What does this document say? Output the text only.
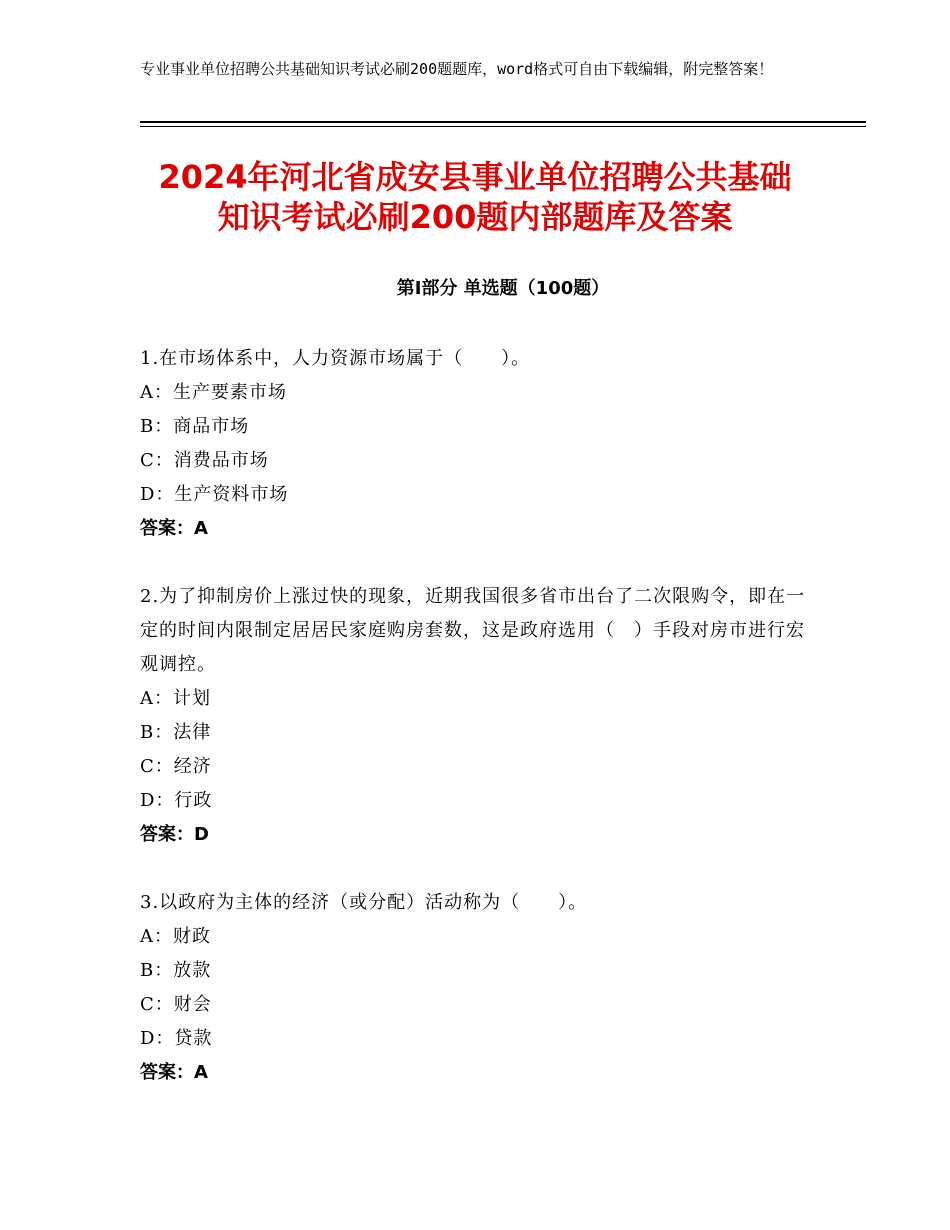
专业事业单位招聘公共基础知识考试必刷200题题库，word格式可自由下载编辑，附完整答案！
2024年河北省成安县事业单位招聘公共基础
知识考试必刷200题内部题库及答案
第Ⅰ部分 单选题（100题）
1.在市场体系中，人力资源市场属于（　　）。
A：生产要素市场
B：商品市场
C：消费品市场
D：生产资料市场
答案：A
2.为了抑制房价上涨过快的现象，近期我国很多省市出台了二次限购令，即在一定的时间内限制定居居民家庭购房套数，这是政府选用（　）手段对房市进行宏观调控。
A：计划
B：法律
C：经济
D：行政
答案：D
3.以政府为主体的经济（或分配）活动称为（　　）。
A：财政
B：放款
C：财会
D：贷款
答案：A
